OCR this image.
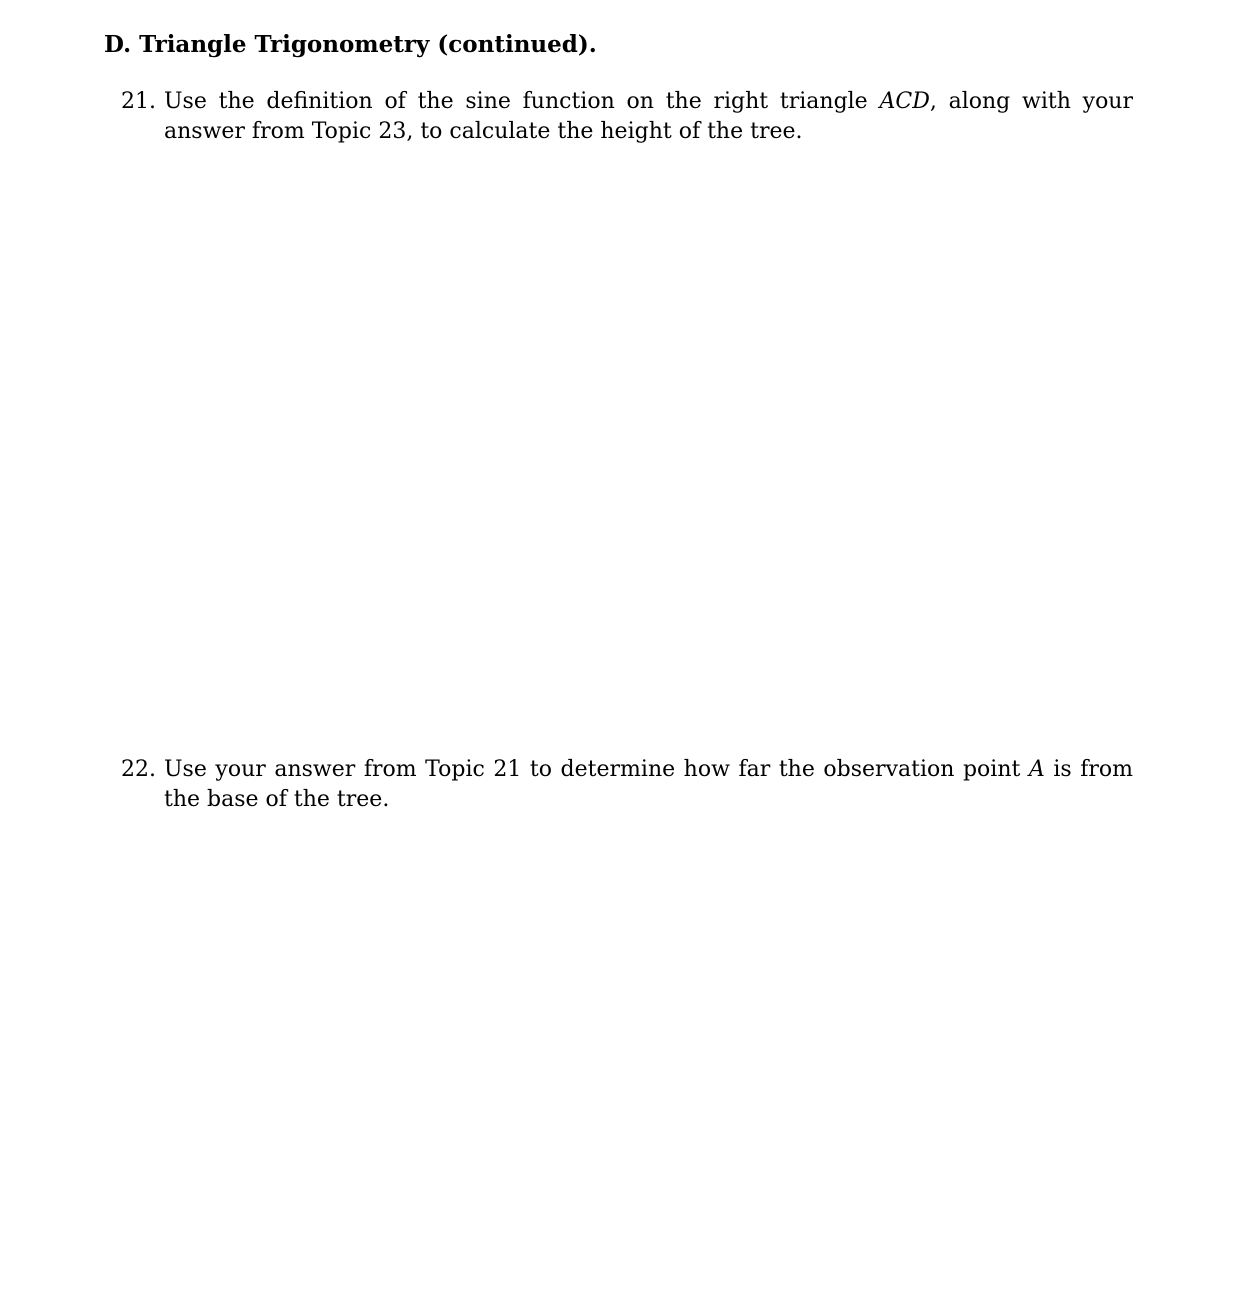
D. Triangle Trigonometry (continued).
21. Use the definition of the sine function on the right triangle ACD, along with your answer from Topic 23, to calculate the height of the tree.
22. Use your answer from Topic 21 to determine how far the observation point A is from the base of the tree.
